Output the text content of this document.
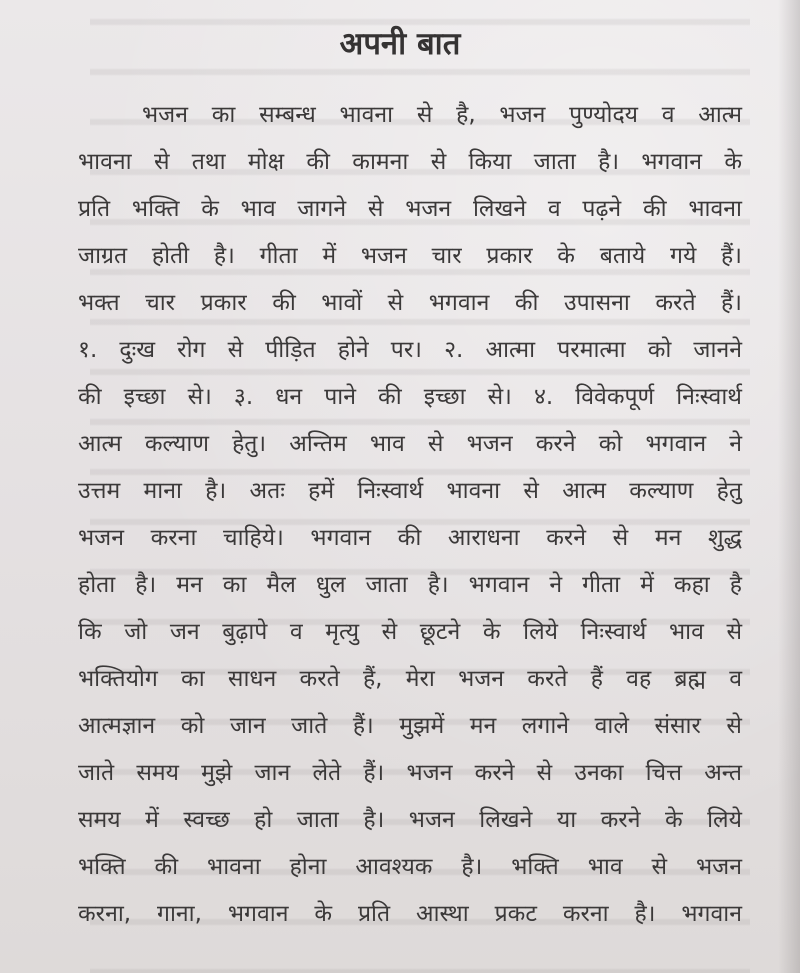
अपनी बात
भजन का सम्बन्ध भावना से है, भजन पुण्योदय व आत्म
भावना से तथा मोक्ष की कामना से किया जाता है। भगवान के
प्रति भक्ति के भाव जागने से भजन लिखने व पढ़ने की भावना
जाग्रत होती है। गीता में भजन चार प्रकार के बताये गये हैं।
भक्त चार प्रकार की भावों से भगवान की उपासना करते हैं।
१. दुःख रोग से पीड़ित होने पर। २. आत्मा परमात्मा को जानने
की इच्छा से। ३. धन पाने की इच्छा से। ४. विवेकपूर्ण निःस्वार्थ
आत्म कल्याण हेतु। अन्तिम भाव से भजन करने को भगवान ने
उत्तम माना है। अतः हमें निःस्वार्थ भावना से आत्म कल्याण हेतु
भजन करना चाहिये। भगवान की आराधना करने से मन शुद्ध
होता है। मन का मैल धुल जाता है। भगवान ने गीता में कहा है
कि जो जन बुढ़ापे व मृत्यु से छूटने के लिये निःस्वार्थ भाव से
भक्तियोग का साधन करते हैं, मेरा भजन करते हैं वह ब्रह्म व
आत्मज्ञान को जान जाते हैं। मुझमें मन लगाने वाले संसार से
जाते समय मुझे जान लेते हैं। भजन करने से उनका चित्त अन्त
समय में स्वच्छ हो जाता है। भजन लिखने या करने के लिये
भक्ति की भावना होना आवश्यक है। भक्ति भाव से भजन
करना, गाना, भगवान के प्रति आस्था प्रकट करना है। भगवान
